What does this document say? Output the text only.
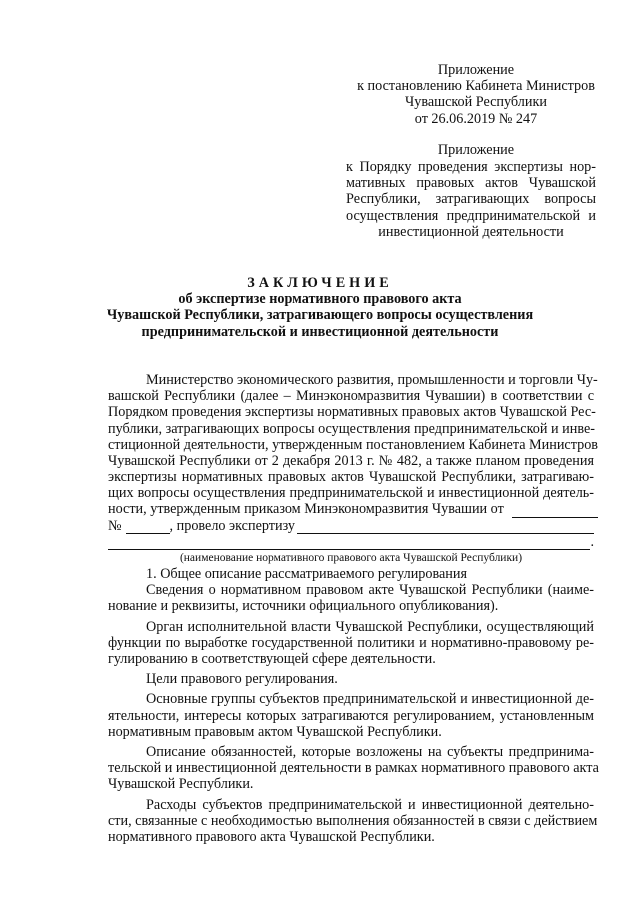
Приложение
к постановлению Кабинета Министров
Чувашской Республики
от 26.06.2019 № 247
Приложение
к Порядку проведения экспертизы нор-
мативных правовых актов Чувашской
Республики, затрагивающих вопросы
осуществления предпринимательской и
инвестиционной деятельности
ЗАКЛЮЧЕНИЕ
об экспертизе нормативного правового акта
Чувашской Республики, затрагивающего вопросы осуществления
предпринимательской и инвестиционной деятельности
Министерство экономического развития, промышленности и торговли Чу-
вашской Республики (далее – Минэкономразвития Чувашии) в соответствии с
Порядком проведения экспертизы нормативных правовых актов Чувашской Рес-
публики, затрагивающих вопросы осуществления предпринимательской и инве-
стиционной деятельности, утвержденным постановлением Кабинета Министров
Чувашской Республики от 2 декабря 2013 г. № 482, а также планом проведения
экспертизы нормативных правовых актов Чувашской Республики, затрагиваю-
щих вопросы осуществления предпринимательской и инвестиционной деятель-
ности, утвержденным приказом Минэкономразвития Чувашии от
№	, провело экспертизу
.
(наименование нормативного правового акта Чувашской Республики)
1. Общее описание рассматриваемого регулирования
Сведения о нормативном правовом акте Чувашской Республики (наиме-
нование и реквизиты, источники официального опубликования).
Орган исполнительной власти Чувашской Республики, осуществляющий
функции по выработке государственной политики и нормативно-правовому ре-
гулированию в соответствующей сфере деятельности.
Цели правового регулирования.
Основные группы субъектов предпринимательской и инвестиционной де-
ятельности, интересы которых затрагиваются регулированием, установленным
нормативным правовым актом Чувашской Республики.
Описание обязанностей, которые возложены на субъекты предпринима-
тельской и инвестиционной деятельности в рамках нормативного правового акта
Чувашской Республики.
Расходы субъектов предпринимательской и инвестиционной деятельно-
сти, связанные с необходимостью выполнения обязанностей в связи с действием
нормативного правового акта Чувашской Республики.
